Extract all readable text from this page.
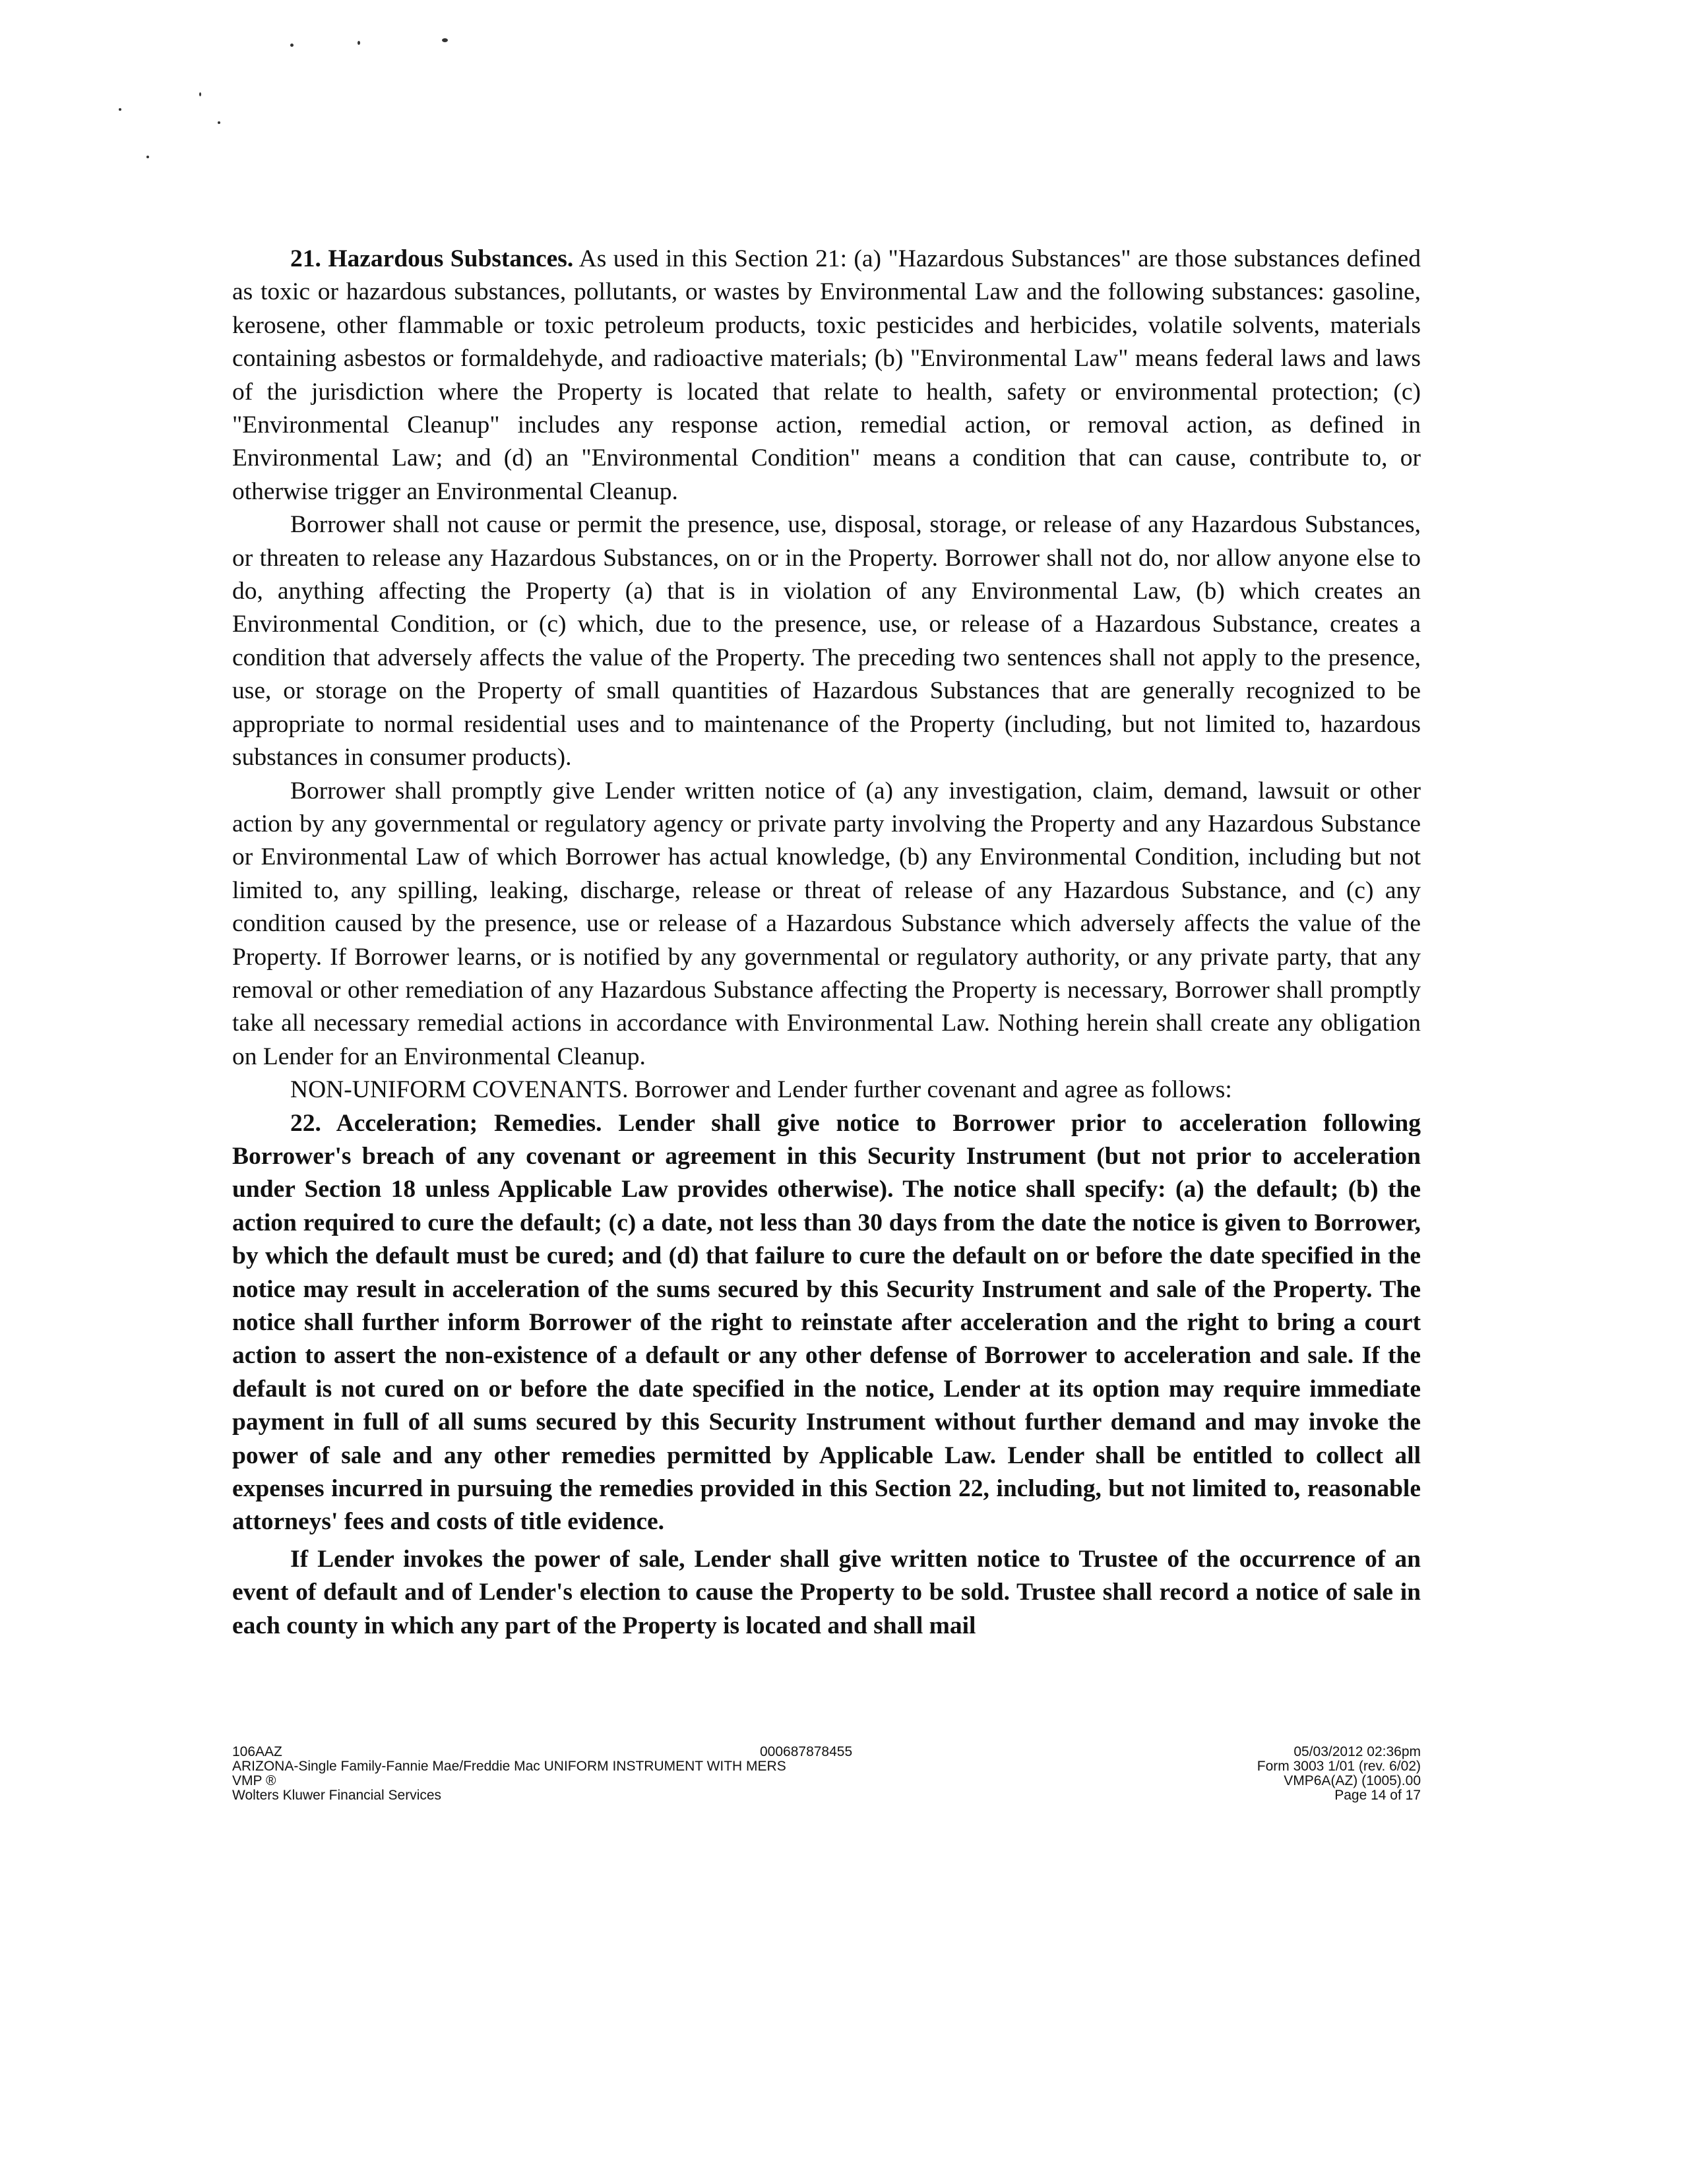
21. Hazardous Substances. As used in this Section 21: (a) "Hazardous Substances" are those substances defined as toxic or hazardous substances, pollutants, or wastes by Environmental Law and the following substances: gasoline, kerosene, other flammable or toxic petroleum products, toxic pesticides and herbicides, volatile solvents, materials containing asbestos or formaldehyde, and radioactive materials; (b) "Environmental Law" means federal laws and laws of the jurisdiction where the Property is located that relate to health, safety or environmental protection; (c) "Environmental Cleanup" includes any response action, remedial action, or removal action, as defined in Environmental Law; and (d) an "Environmental Condition" means a condition that can cause, contribute to, or otherwise trigger an Environmental Cleanup.

Borrower shall not cause or permit the presence, use, disposal, storage, or release of any Hazardous Substances, or threaten to release any Hazardous Substances, on or in the Property. Borrower shall not do, nor allow anyone else to do, anything affecting the Property (a) that is in violation of any Environmental Law, (b) which creates an Environmental Condition, or (c) which, due to the presence, use, or release of a Hazardous Substance, creates a condition that adversely affects the value of the Property. The preceding two sentences shall not apply to the presence, use, or storage on the Property of small quantities of Hazardous Substances that are generally recognized to be appropriate to normal residential uses and to maintenance of the Property (including, but not limited to, hazardous substances in consumer products).

Borrower shall promptly give Lender written notice of (a) any investigation, claim, demand, lawsuit or other action by any governmental or regulatory agency or private party involving the Property and any Hazardous Substance or Environmental Law of which Borrower has actual knowledge, (b) any Environmental Condition, including but not limited to, any spilling, leaking, discharge, release or threat of release of any Hazardous Substance, and (c) any condition caused by the presence, use or release of a Hazardous Substance which adversely affects the value of the Property. If Borrower learns, or is notified by any governmental or regulatory authority, or any private party, that any removal or other remediation of any Hazardous Substance affecting the Property is necessary, Borrower shall promptly take all necessary remedial actions in accordance with Environmental Law. Nothing herein shall create any obligation on Lender for an Environmental Cleanup.

NON-UNIFORM COVENANTS. Borrower and Lender further covenant and agree as follows:

22. Acceleration; Remedies. Lender shall give notice to Borrower prior to acceleration following Borrower's breach of any covenant or agreement in this Security Instrument (but not prior to acceleration under Section 18 unless Applicable Law provides otherwise). The notice shall specify: (a) the default; (b) the action required to cure the default; (c) a date, not less than 30 days from the date the notice is given to Borrower, by which the default must be cured; and (d) that failure to cure the default on or before the date specified in the notice may result in acceleration of the sums secured by this Security Instrument and sale of the Property. The notice shall further inform Borrower of the right to reinstate after acceleration and the right to bring a court action to assert the non-existence of a default or any other defense of Borrower to acceleration and sale. If the default is not cured on or before the date specified in the notice, Lender at its option may require immediate payment in full of all sums secured by this Security Instrument without further demand and may invoke the power of sale and any other remedies permitted by Applicable Law. Lender shall be entitled to collect all expenses incurred in pursuing the remedies provided in this Section 22, including, but not limited to, reasonable attorneys' fees and costs of title evidence.

If Lender invokes the power of sale, Lender shall give written notice to Trustee of the occurrence of an event of default and of Lender's election to cause the Property to be sold. Trustee shall record a notice of sale in each county in which any part of the Property is located and shall mail

106AAZ
ARIZONA-Single Family-Fannie Mae/Freddie Mac UNIFORM INSTRUMENT WITH MERS
VMP ®
Wolters Kluwer Financial Services
000687878455	05/03/2012 02:36pm
Form 3003 1/01 (rev. 6/02)
VMP6A(AZ) (1005).00
Page 14 of 17
